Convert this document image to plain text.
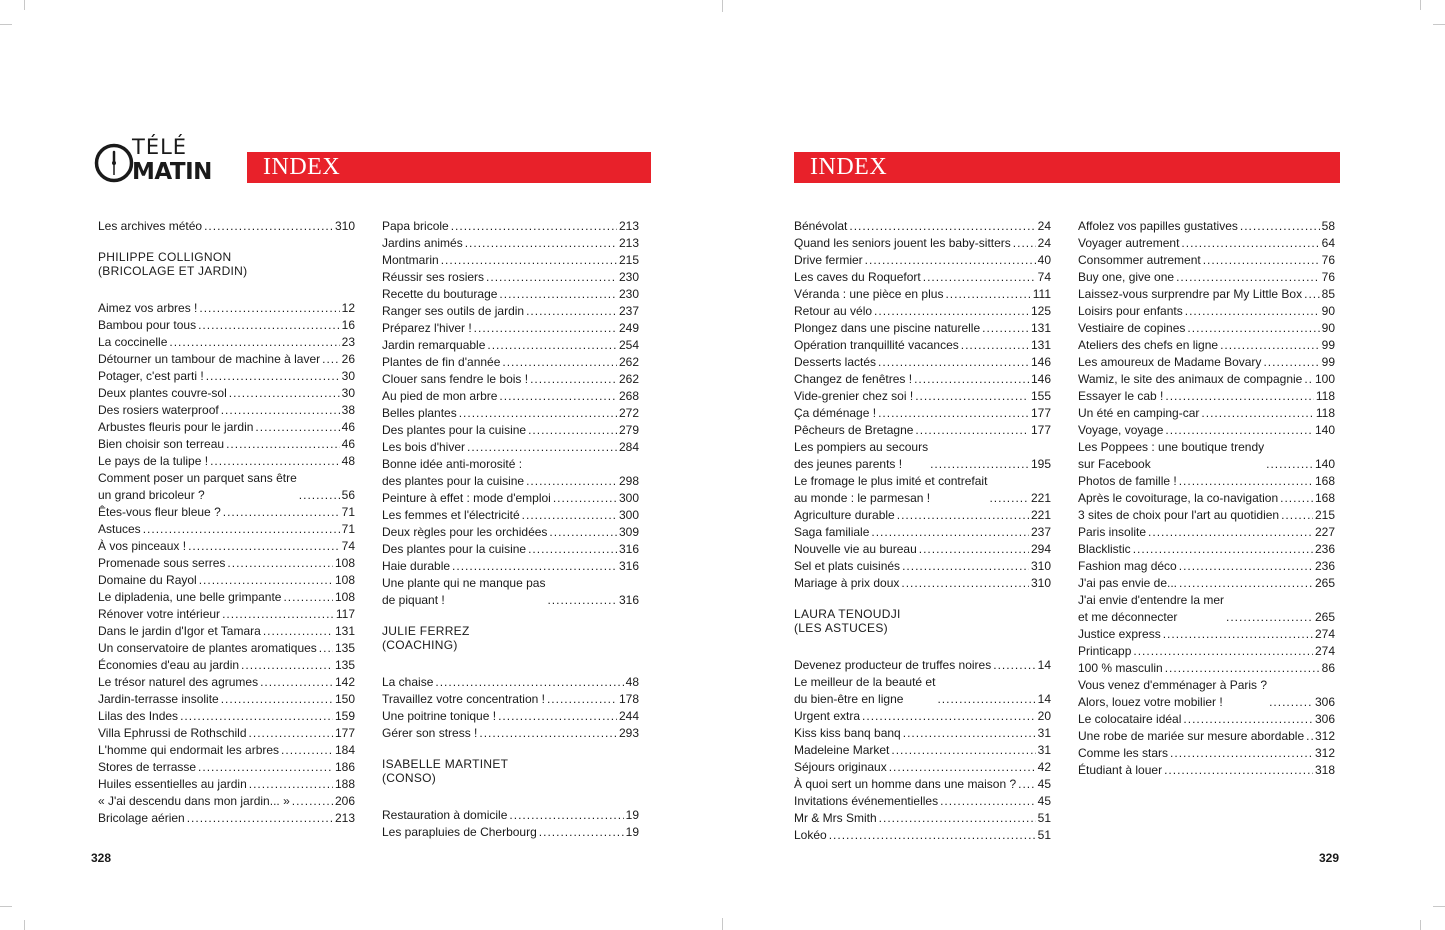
TÉLÉ
MATIN	INDEX	INDEX
Les archives météo .....	310
PHILIPPE COLLIGNON
(BRICOLAGE ET JARDIN)
Aimez vos arbres ! .....	12
Bambou pour tous .....	16
La coccinelle .....	23
Détourner un tambour de machine à laver ..... 26
Potager, c'est parti ! .....	30
Deux plantes couvre-sol .....	30
Des rosiers waterproof .....	38
Arbustes fleuris pour le jardin .....	46
Bien choisir son terreau .....	46
Le pays de la tulipe ! .....	48
Comment poser un parquet sans être
un grand bricoleur ? .....	56
Êtes-vous fleur bleue ? .....	71
Astuces .....	71
À vos pinceaux ! .....	74
Promenade sous serres .....	108
Domaine du Rayol .....	108
Le dipladenia, une belle grimpante .....	108
Rénover votre intérieur .....	117
Dans le jardin d'Igor et Tamara .....	131
Un conservatoire de plantes aromatiques ..... 135
Économies d'eau au jardin .....	135
Le trésor naturel des agrumes .....	142
Jardin-terrasse insolite .....	150
Lilas des Indes .....	159
Villa Ephrussi de Rothschild .....	177
L'homme qui endormait les arbres .....	184
Stores de terrasse .....	186
Huiles essentielles au jardin .....	188
« J'ai descendu dans mon jardin... » .....	206
Bricolage aérien .....	213
Papa bricole .....	213
Jardins animés .....	213
Montmarin .....	215
Réussir ses rosiers .....	230
Recette du bouturage .....	230
Ranger ses outils de jardin .....	237
Préparez l'hiver ! .....	249
Jardin remarquable .....	254
Plantes de fin d'année .....	262
Clouer sans fendre le bois ! .....	262
Au pied de mon arbre .....	268
Belles plantes .....	272
Des plantes pour la cuisine .....	279
Les bois d'hiver .....	284
Bonne idée anti-morosité :
des plantes pour la cuisine .....	298
Peinture à effet : mode d'emploi .....	300
Les femmes et l'électricité .....	300
Deux règles pour les orchidées .....	309
Des plantes pour la cuisine .....	316
Haie durable .....	316
Une plante qui ne manque pas
de piquant ! .....	316
JULIE FERREZ
(COACHING)
La chaise .....	48
Travaillez votre concentration ! .....	178
Une poitrine tonique ! .....	244
Gérer son stress ! .....	293
ISABELLE MARTINET
(CONSO)
Restauration à domicile .....	19
Les parapluies de Cherbourg .....	19
Bénévolat .....	24
Quand les seniors jouent les baby-sitters ..... 24
Drive fermier .....	40
Les caves du Roquefort .....	74
Véranda : une pièce en plus .....	111
Retour au vélo .....	125
Plongez dans une piscine naturelle .....	131
Opération tranquillité vacances .....	131
Desserts lactés .....	146
Changez de fenêtres ! .....	146
Vide-grenier chez soi ! .....	155
Ça déménage ! .....	177
Pêcheurs de Bretagne .....	177
Les pompiers au secours
des jeunes parents ! .....	195
Le fromage le plus imité et contrefait
au monde : le parmesan ! .....	221
Agriculture durable .....	221
Saga familiale .....	237
Nouvelle vie au bureau .....	294
Sel et plats cuisinés .....	310
Mariage à prix doux .....	310
LAURA TENOUDJI
(LES ASTUCES)
Devenez producteur de truffes noires .....	14
Le meilleur de la beauté et
du bien-être en ligne .....	14
Urgent extra .....	20
Kiss kiss banq banq .....	31
Madeleine Market .....	31
Séjours originaux .....	42
À quoi sert un homme dans une maison ? ..... 45
Invitations événementielles .....	45
Mr & Mrs Smith .....	51
Lokéo .....	51
Affolez vos papilles gustatives .....	58
Voyager autrement .....	64
Consommer autrement .....	76
Buy one, give one .....	76
Laissez-vous surprendre par My Little Box ..... 85
Loisirs pour enfants .....	90
Vestiaire de copines .....	90
Ateliers des chefs en ligne .....	99
Les amoureux de Madame Bovary .....	99
Wamiz, le site des animaux de compagnie ..... 100
Essayer le cab ! .....	118
Un été en camping-car .....	118
Voyage, voyage .....	140
Les Poppees : une boutique trendy
sur Facebook .....	140
Photos de famille ! .....	168
Après le covoiturage, la co-navigation .....	168
3 sites de choix pour l'art au quotidien .....	215
Paris insolite .....	227
Blacklistic .....	236
Fashion mag déco .....	236
J'ai pas envie de... .....	265
J'ai envie d'entendre la mer
et me déconnecter .....	265
Justice express .....	274
Printicapp .....	274
100 % masculin .....	86
Vous venez d'emménager à Paris ?
Alors, louez votre mobilier ! .....	306
Le colocataire idéal .....	306
Une robe de mariée sur mesure abordable ..... 312
Comme les stars .....	312
Étudiant à louer .....	318
328	329
